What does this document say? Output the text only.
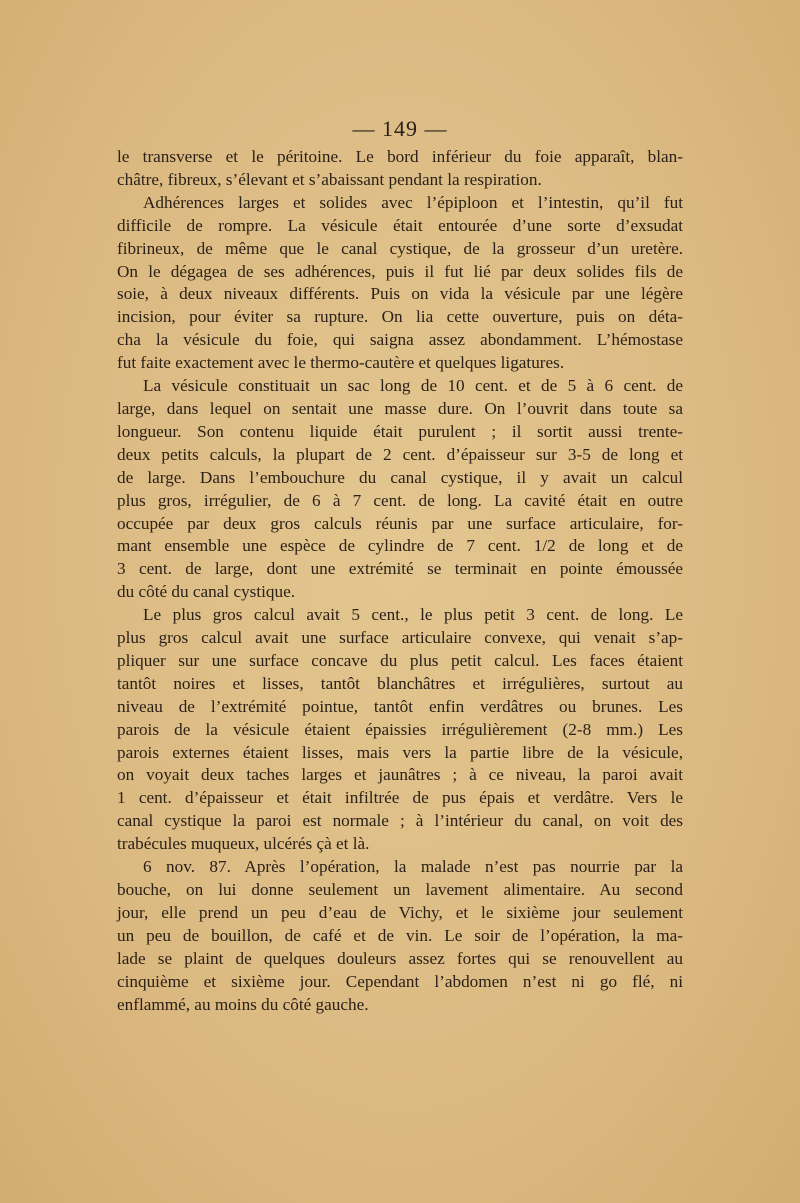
— 149 —
le transverse et le péritoine. Le bord inférieur du foie apparaît, blan-
châtre, fibreux, s’élevant et s’abaissant pendant la respiration.
Adhérences larges et solides avec l’épiploon et l’intestin, qu’il fut
difficile de rompre. La vésicule était entourée d’une sorte d’exsudat
fibrineux, de même que le canal cystique, de la grosseur d’un uretère.
On le dégagea de ses adhérences, puis il fut lié par deux solides fils de
soie, à deux niveaux différents. Puis on vida la vésicule par une légère
incision, pour éviter sa rupture. On lia cette ouverture, puis on déta-
cha la vésicule du foie, qui saigna assez abondamment. L’hémostase
fut faite exactement avec le thermo-cautère et quelques ligatures.
La vésicule constituait un sac long de 10 cent. et de 5 à 6 cent. de
large, dans lequel on sentait une masse dure. On l’ouvrit dans toute sa
longueur. Son contenu liquide était purulent ; il sortit aussi trente-
deux petits calculs, la plupart de 2 cent. d’épaisseur sur 3-5 de long et
de large. Dans l’embouchure du canal cystique, il y avait un calcul
plus gros, irrégulier, de 6 à 7 cent. de long. La cavité était en outre
occupée par deux gros calculs réunis par une surface articulaire, for-
mant ensemble une espèce de cylindre de 7 cent. 1/2 de long et de
3 cent. de large, dont une extrémité se terminait en pointe émoussée
du côté du canal cystique.
Le plus gros calcul avait 5 cent., le plus petit 3 cent. de long. Le
plus gros calcul avait une surface articulaire convexe, qui venait s’ap-
pliquer sur une surface concave du plus petit calcul. Les faces étaient
tantôt noires et lisses, tantôt blanchâtres et irrégulières, surtout au
niveau de l’extrémité pointue, tantôt enfin verdâtres ou brunes. Les
parois de la vésicule étaient épaissies irrégulièrement (2-8 mm.) Les
parois externes étaient lisses, mais vers la partie libre de la vésicule,
on voyait deux taches larges et jaunâtres ; à ce niveau, la paroi avait
1 cent. d’épaisseur et était infiltrée de pus épais et verdâtre. Vers le
canal cystique la paroi est normale ; à l’intérieur du canal, on voit des
trabécules muqueux, ulcérés çà et là.
6 nov. 87. Après l’opération, la malade n’est pas nourrie par la
bouche, on lui donne seulement un lavement alimentaire. Au second
jour, elle prend un peu d’eau de Vichy, et le sixième jour seulement
un peu de bouillon, de café et de vin. Le soir de l’opération, la ma-
lade se plaint de quelques douleurs assez fortes qui se renouvellent au
cinquième et sixième jour. Cependant l’abdomen n’est ni go flé, ni
enflammé, au moins du côté gauche.
